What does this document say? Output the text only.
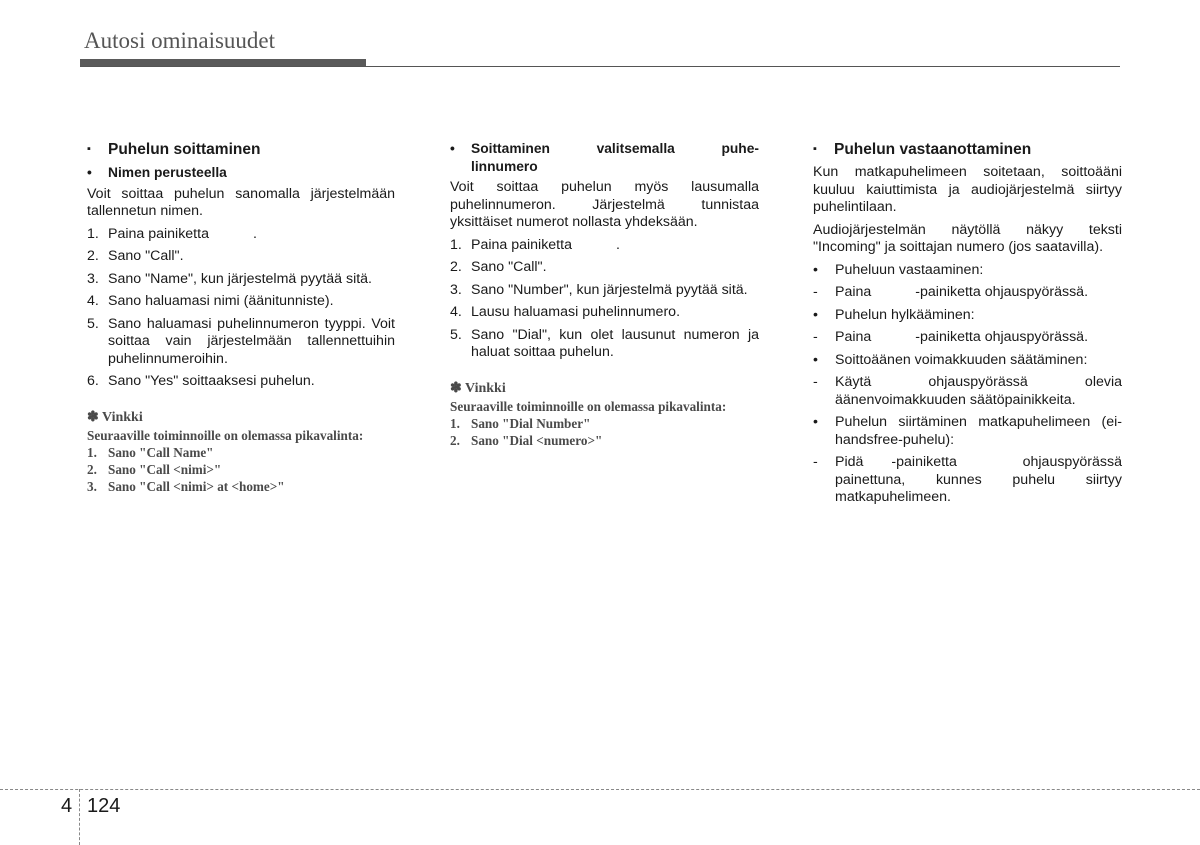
Autosi ominaisuudet
▪	Puhelun soittaminen
•	Nimen perusteella

Voit soittaa puhelun sanomalla järjestelmään tallennetun nimen.

1. Paina painiketta	.
2. Sano "Call".
3. Sano "Name", kun järjestelmä pyytää sitä.
4. Sano haluamasi nimi (äänitunniste).
5. Sano haluamasi puhelinnumeron tyyppi. Voit soittaa vain järjestelmään tallennettuihin puhelinnumeroihin.
6. Sano "Yes" soittaaksesi puhelun.
✽ Vinkki

Seuraaville toiminnoille on olemassa pikavalinta:

1. Sano "Call Name"
2. Sano "Call <nimi>"
3. Sano "Call <nimi> at <home>"
•	Soittaminen valitsemalla puhe-
linnumero

Voit soittaa puhelun myös lausumalla puhelinnumeron. Järjestelmä tunnistaa yksittäiset numerot nollasta yhdeksään.

1. Paina painiketta	.
2. Sano "Call".
3. Sano "Number", kun järjestelmä pyytää sitä.
4. Lausu haluamasi puhelinnumero.
5. Sano "Dial", kun olet lausunut numeron ja haluat soittaa puhelun.
✽ Vinkki

Seuraaville toiminnoille on olemassa pikavalinta:

1. Sano "Dial Number"
2. Sano "Dial <numero>"
▪	Puhelun vastaanottaminen

Kun matkapuhelimeen soitetaan, soittoääni kuuluu kaiuttimista ja audiojärjestelmä siirtyy puhelintilaan.

Audiojärjestelmän näytöllä näkyy teksti "Incoming" ja soittajan numero (jos saatavilla).

•	Puheluun vastaaminen:
-	Paina	-painiketta ohjauspyörässä.
•	Puhelun hylkääminen:
-	Paina	-painiketta ohjauspyörässä.
•	Soittoäänen voimakkuuden säätäminen:
-	Käytä ohjauspyörässä olevia äänenvoimakkuuden säätöpainikkeita.
•	Puhelun siirtäminen matkapuhelimeen (ei-handsfree-puhelu):
-	Pidä -painiketta ohjauspyörässä painettuna, kunnes puhelu siirtyy matkapuhelimeen.
4 124
